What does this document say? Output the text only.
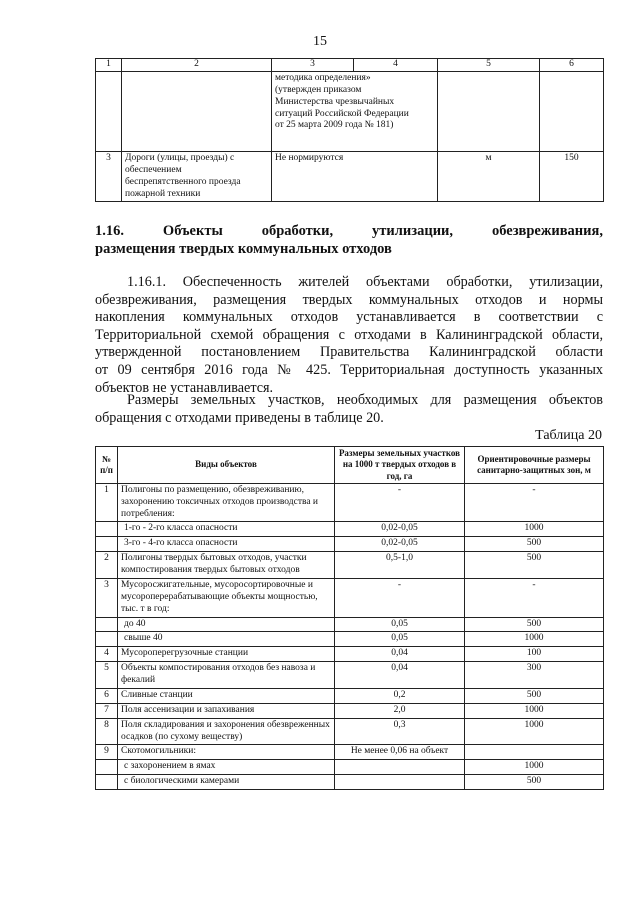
15
1	2	3	4	5	6

		методика определения»
(утвержден приказом
Министерства чрезвычайных
ситуаций Российской Федерации
от 25 марта 2009 года № 181)			

3	Дороги (улицы, проезды) с
обеспечением
беспрепятственного проезда
пожарной техники	Не нормируются		м	150
1.16. Объекты обработки, утилизации, обезвреживания,
размещения твердых коммунальных отходов
1.16.1. Обеспеченность жителей объектами обработки, утилизации,
обезвреживания, размещения твердых коммунальных отходов и нормы
накопления коммунальных отходов устанавливается в соответствии с
Территориальной схемой обращения с отходами в Калининградской области,
утвержденной постановлением Правительства Калининградской области
от 09 сентября 2016 года № 425. Территориальная доступность указанных
объектов не устанавливается.
Размеры земельных участков, необходимых для размещения объектов
обращения с отходами приведены в таблице 20.
Таблица 20
№ п/п	Виды объектов	Размеры земельных участков на 1000 т твердых отходов в год, га	Ориентировочные размеры санитарно-защитных зон, м
1	Полигоны по размещению, обезвреживанию, захоронению токсичных отходов производства и потребления:	-	-
	1-го - 2-го класса опасности	0,02-0,05	1000
	3-го - 4-го класса опасности	0,02-0,05	500
2	Полигоны твердых бытовых отходов, участки компостирования твердых бытовых отходов	0,5-1,0	500
3	Мусоросжигательные, мусоросортировочные и мусороперерабатывающие объекты мощностью, тыс. т в год:	-	-
	до 40	0,05	500
	свыше 40	0,05	1000
4	Мусороперегрузочные станции	0,04	100
5	Объекты компостирования отходов без навоза и фекалий	0,04	300
6	Сливные станции	0,2	500
7	Поля ассенизации и запахивания	2,0	1000
8	Поля складирования и захоронения обезвреженных осадков (по сухому веществу)	0,3	1000
9	Скотомогильники:	Не менее 0,06 на объект	
	с захоронением в ямах		1000
	с биологическими камерами		500
